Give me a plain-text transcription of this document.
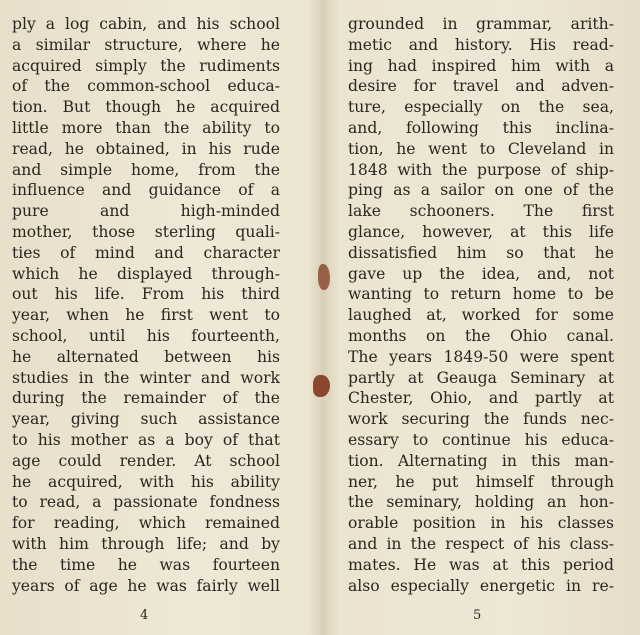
ply a log cabin, and his school
a similar structure, where he
acquired simply the rudiments
of the common-school educa-
tion. But though he acquired
little more than the ability to
read, he obtained, in his rude
and simple home, from the
influence and guidance of a
pure and high-minded
mother, those sterling quali-
ties of mind and character
which he displayed through-
out his life. From his third
year, when he first went to
school, until his fourteenth,
he alternated between his
studies in the winter and work
during the remainder of the
year, giving such assistance
to his mother as a boy of that
age could render. At school
he acquired, with his ability
to read, a passionate fondness
for reading, which remained
with him through life; and by
the time he was fourteen
years of age he was fairly well
grounded in grammar, arith-
metic and history. His read-
ing had inspired him with a
desire for travel and adven-
ture, especially on the sea,
and, following this inclina-
tion, he went to Cleveland in
1848 with the purpose of ship-
ping as a sailor on one of the
lake schooners. The first
glance, however, at this life
dissatisfied him so that he
gave up the idea, and, not
wanting to return home to be
laughed at, worked for some
months on the Ohio canal.
The years 1849-50 were spent
partly at Geauga Seminary at
Chester, Ohio, and partly at
work securing the funds nec-
essary to continue his educa-
tion. Alternating in this man-
ner, he put himself through
the seminary, holding an hon-
orable position in his classes
and in the respect of his class-
mates. He was at this period
also especially energetic in re-
4	5
